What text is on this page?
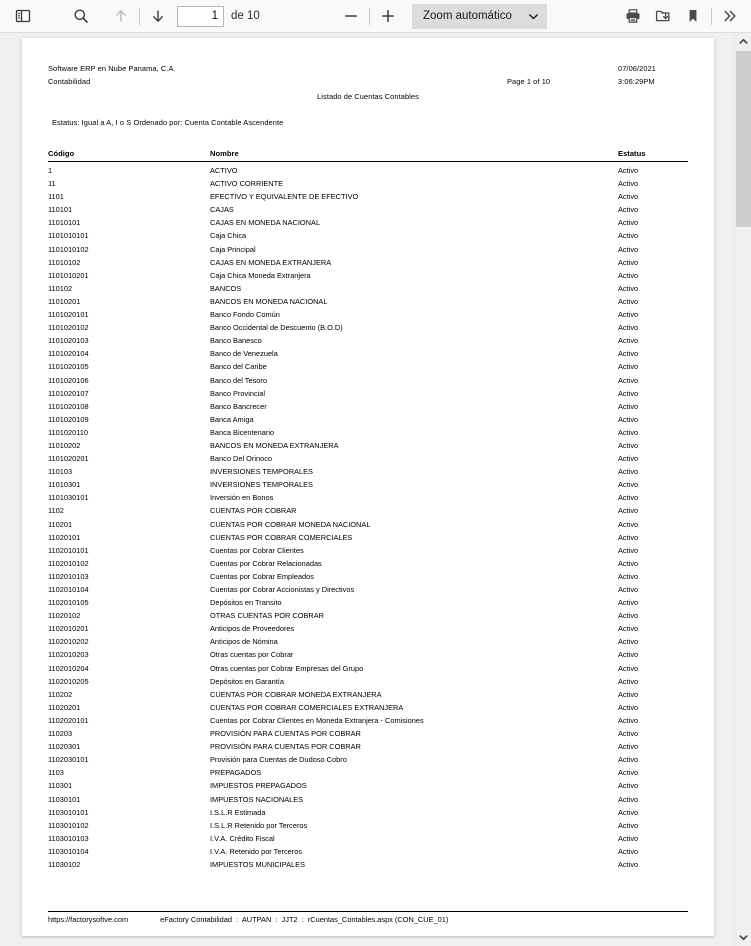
1
de 10	Zoom automático
Software ERP en Nube Panama, C.A.
Contabilidad
07/06/2021
3:06:29PM
Page 1 of 10
Listado de Cuentas Contables
Estatus: Igual a A, I o S Ordenado por: Cuenta Contable Ascendente
Código	Nombre	Estatus
1	ACTIVO	Activo
11	ACTIVO CORRIENTE	Activo
1101	EFECTIVO Y EQUIVALENTE DE EFECTIVO	Activo
110101	CAJAS	Activo
11010101	CAJAS EN MONEDA NACIONAL	Activo
1101010101	Caja Chica	Activo
1101010102	Caja Principal	Activo
11010102	CAJAS EN MONEDA EXTRANJERA	Activo
1101010201	Caja Chica Moneda Extranjera	Activo
110102	BANCOS	Activo
11010201	BANCOS EN MONEDA NACIONAL	Activo
1101020101	Banco Fondo Común	Activo
1101020102	Banco Occidental de Descuento (B.O.D)	Activo
1101020103	Banco Banesco	Activo
1101020104	Banco de Venezuela	Activo
1101020105	Banco del Caribe	Activo
1101020106	Banco del Tesoro	Activo
1101020107	Banco Provincial	Activo
1101020108	Banco Bancrecer	Activo
1101020109	Banca Amiga	Activo
1101020110	Banca Bicentenario	Activo
11010202	BANCOS EN MONEDA EXTRANJERA	Activo
1101020201	Banco Del Orinoco	Activo
110103	INVERSIONES TEMPORALES	Activo
11010301	INVERSIONES TEMPORALES	Activo
1101030101	Inversión en Bonos	Activo
1102	CUENTAS POR COBRAR	Activo
110201	CUENTAS POR COBRAR MONEDA NACIONAL	Activo
11020101	CUENTAS POR COBRAR COMERCIALES	Activo
1102010101	Cuentas por Cobrar Clientes	Activo
1102010102	Cuentas por Cobrar Relacionadas	Activo
1102010103	Cuentas por Cobrar Empleados	Activo
1102010104	Cuentas por Cobrar Accionistas y Directivos	Activo
1102010105	Depósitos en Transito	Activo
11020102	OTRAS CUENTAS POR COBRAR	Activo
1102010201	Anticipos de Proveedores	Activo
1102010202	Anticipos de Nómina	Activo
1102010203	Otras cuentas por Cobrar	Activo
1102010204	Otras cuentas por Cobrar Empresas del Grupo	Activo
1102010205	Depósitos en Garantía	Activo
110202	CUENTAS POR COBRAR MONEDA EXTRANJERA	Activo
11020201	CUENTAS POR COBRAR COMERCIALES EXTRANJERA	Activo
1102020101	Cuentas por Cobrar Clientes en Moneda Extranjera - Comisiones	Activo
110203	PROVISIÓN PARA CUENTAS POR COBRAR	Activo
11020301	PROVISIÓN PARA CUENTAS POR COBRAR	Activo
1102030101	Provisión para Cuentas de Dudoso Cobro	Activo
1103	PREPAGADOS	Activo
110301	IMPUESTOS PREPAGADOS	Activo
11030101	IMPUESTOS NACIONALES	Activo
1103010101	I.S.L.R Estimada	Activo
1103010102	I.S.L.R Retenido por Terceros	Activo
1103010103	I.V.A. Crédito Fiscal	Activo
1103010104	I.V.A. Retenido por Terceros	Activo
11030102	IMPUESTOS MUNICIPALES	Activo
https://factorysoftve.com	eFactory Contabilidad  :  AUTPAN  :  JJT2  :  rCuentas_Contables.aspx (CON_CUE_01)
